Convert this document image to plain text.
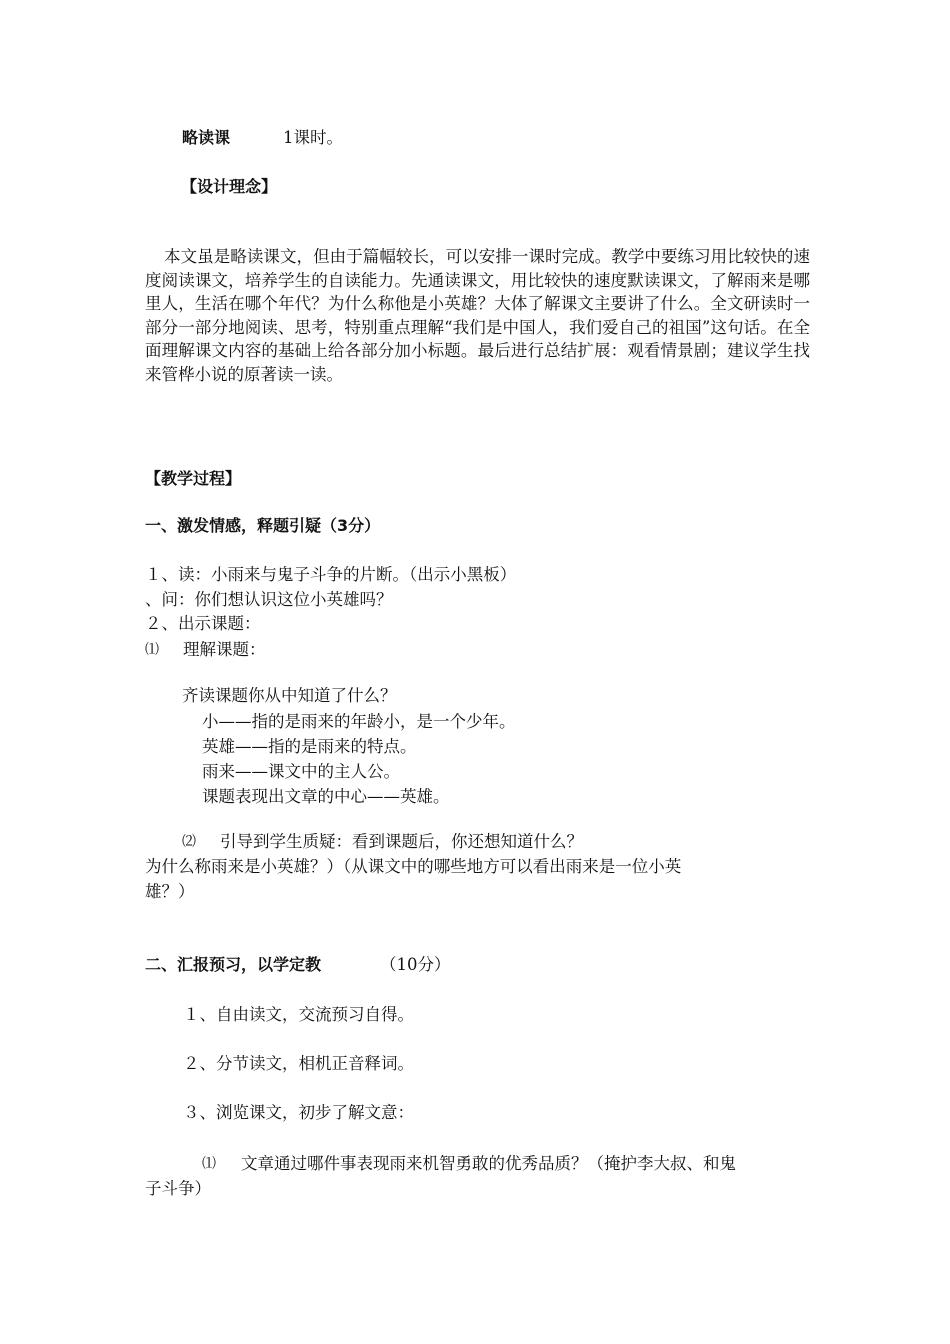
略读课	1课时。
【设计理念】
本文虽是略读课文，但由于篇幅较长，可以安排一课时完成。教学中要练习用比较快的速度阅读课文，培养学生的自读能力。先通读课文，用比较快的速度默读课文，了解雨来是哪里人，生活在哪个年代？为什么称他是小英雄？大体了解课文主要讲了什么。全文研读时一部分一部分地阅读、思考，特别重点理解“我们是中国人，我们爱自己的祖国”这句话。在全面理解课文内容的基础上给各部分加小标题。最后进行总结扩展：观看情景剧；建议学生找来管桦小说的原著读一读。
【教学过程】
一、激发情感，释题引疑（3分）
１、读：小雨来与鬼子斗争的片断。（出示小黑板）
、问：你们想认识这位小英雄吗？
２、出示课题：
⑴ 理解课题：
齐读课题你从中知道了什么？
小——指的是雨来的年龄小，是一个少年。
英雄——指的是雨来的特点。
雨来——课文中的主人公。
课题表现出文章的中心——英雄。
⑵ 引导到学生质疑：看到课题后，你还想知道什么？
为什么称雨来是小英雄？）（从课文中的哪些地方可以看出雨来是一位小英
雄？）
二、汇报预习，以学定教	（10分）
１、自由读文，交流预习自得。
２、分节读文，相机正音释词。
３、浏览课文，初步了解文意：
⑴ 文章通过哪件事表现雨来机智勇敢的优秀品质？（掩护李大叔、和鬼
子斗争）
